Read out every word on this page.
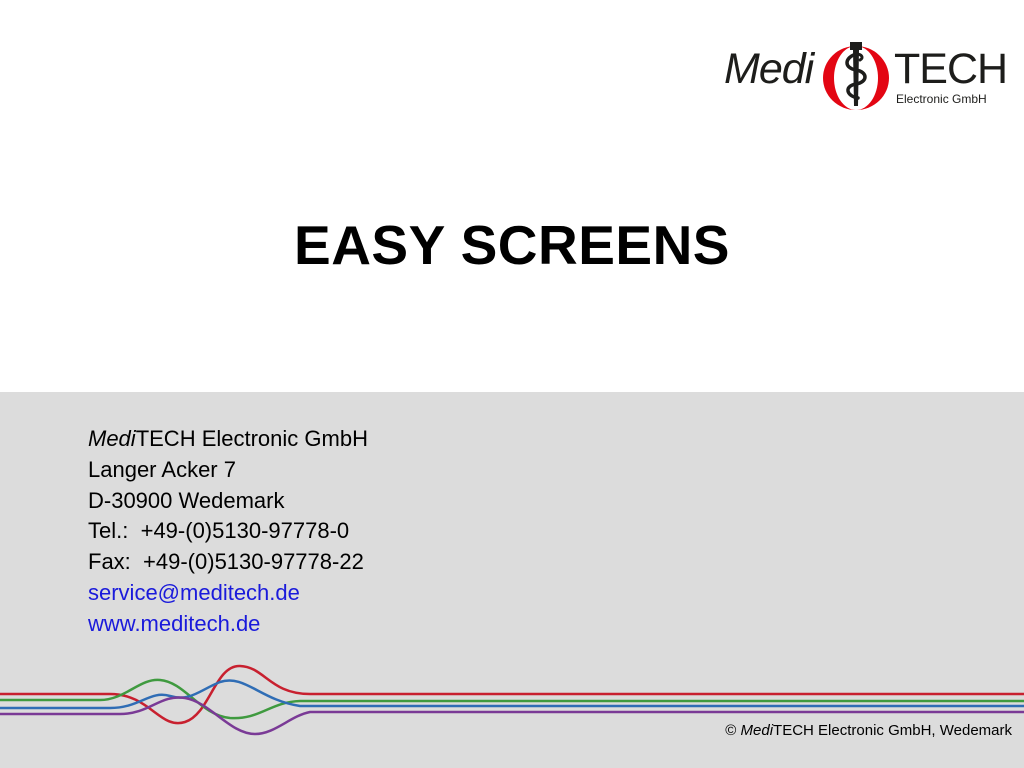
Medi TECH
Electronic GmbH
EASY SCREENS
MediTECH Electronic GmbH
Langer Acker 7
D-30900 Wedemark
Tel.: +49-(0)5130-97778-0
Fax: +49-(0)5130-97778-22
service@meditech.de
www.meditech.de
© MediTECH Electronic GmbH, Wedemark
